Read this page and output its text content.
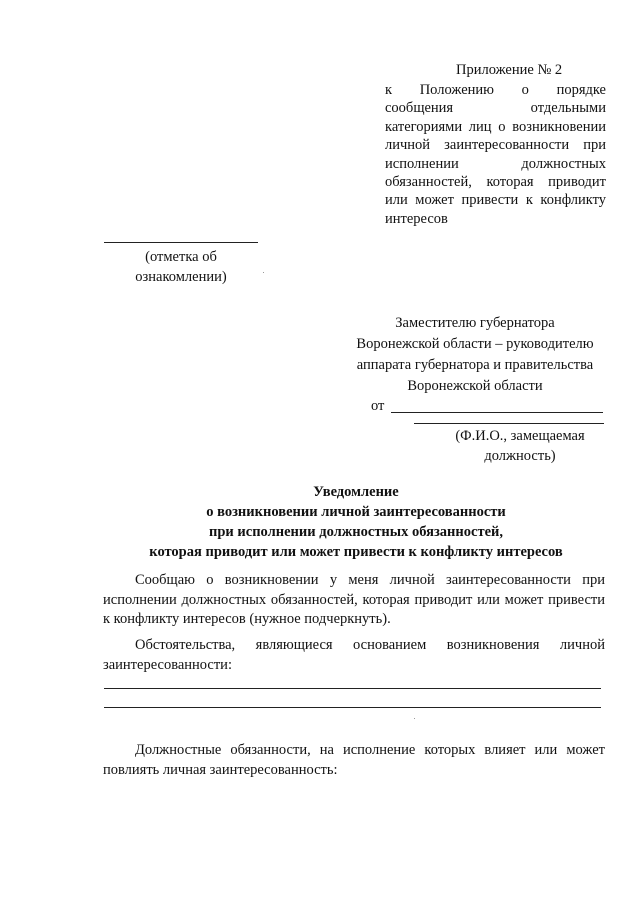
Приложение № 2
к Положению о порядке
сообщения отдельными
категориями лиц о возникновении
личной заинтересованности при
исполнении должностных
обязанностей, которая приводит
или может привести к конфликту
интересов
(отметка об
ознакомлении)
Заместителю губернатора
Воронежской области – руководителю
аппарата губернатора и правительства
Воронежской области
от
(Ф.И.О., замещаемая
должность)
Уведомление
о возникновении личной заинтересованности
при исполнении должностных обязанностей,
которая приводит или может привести к конфликту интересов
Сообщаю о возникновении у меня личной заинтересованности при исполнении должностных обязанностей, которая приводит или может привести к конфликту интересов (нужное подчеркнуть).
Обстоятельства, являющиеся основанием возникновения личной заинтересованности:
Должностные обязанности, на исполнение которых влияет или может повлиять личная заинтересованность:
